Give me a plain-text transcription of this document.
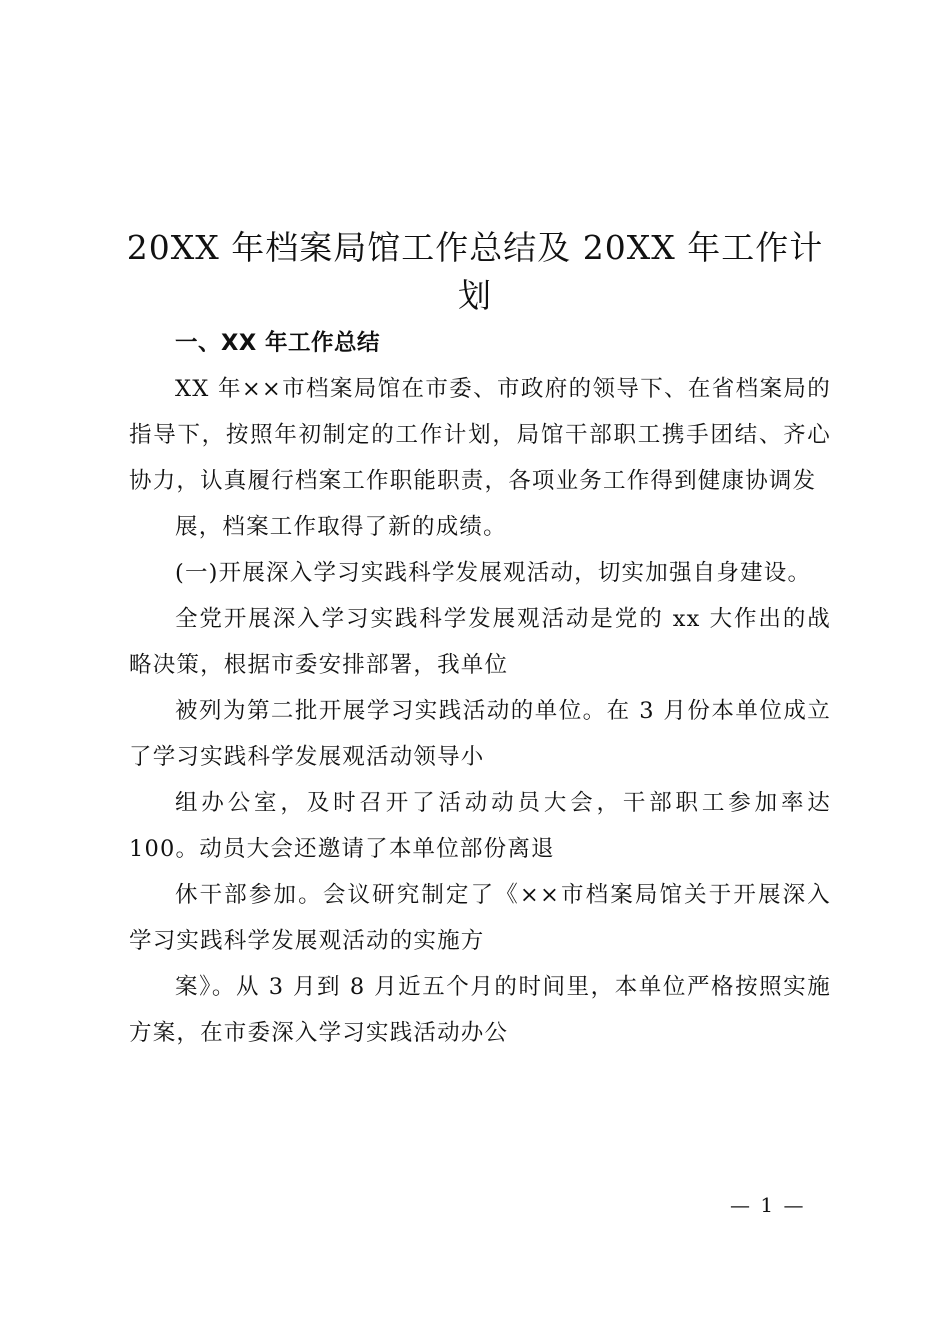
20XX 年档案局馆工作总结及 20XX 年工作计划

一、XX 年工作总结

XX 年××市档案局馆在市委、市政府的领导下、在省档案局的指导下，按照年初制定的工作计划，局馆干部职工携手团结、齐心协力，认真履行档案工作职能职责，各项业务工作得到健康协调发

展，档案工作取得了新的成绩。

(一)开展深入学习实践科学发展观活动，切实加强自身建设。

全党开展深入学习实践科学发展观活动是党的 xx 大作出的战略决策，根据市委安排部署，我单位

被列为第二批开展学习实践活动的单位。在 3 月份本单位成立了学习实践科学发展观活动领导小

组办公室，及时召开了活动动员大会，干部职工参加率达 100。动员大会还邀请了本单位部份离退

休干部参加。会议研究制定了《××市档案局馆关于开展深入学习实践科学发展观活动的实施方

案》。从 3 月到 8 月近五个月的时间里，本单位严格按照实施方案，在市委深入学习实践活动办公

— 1 —
